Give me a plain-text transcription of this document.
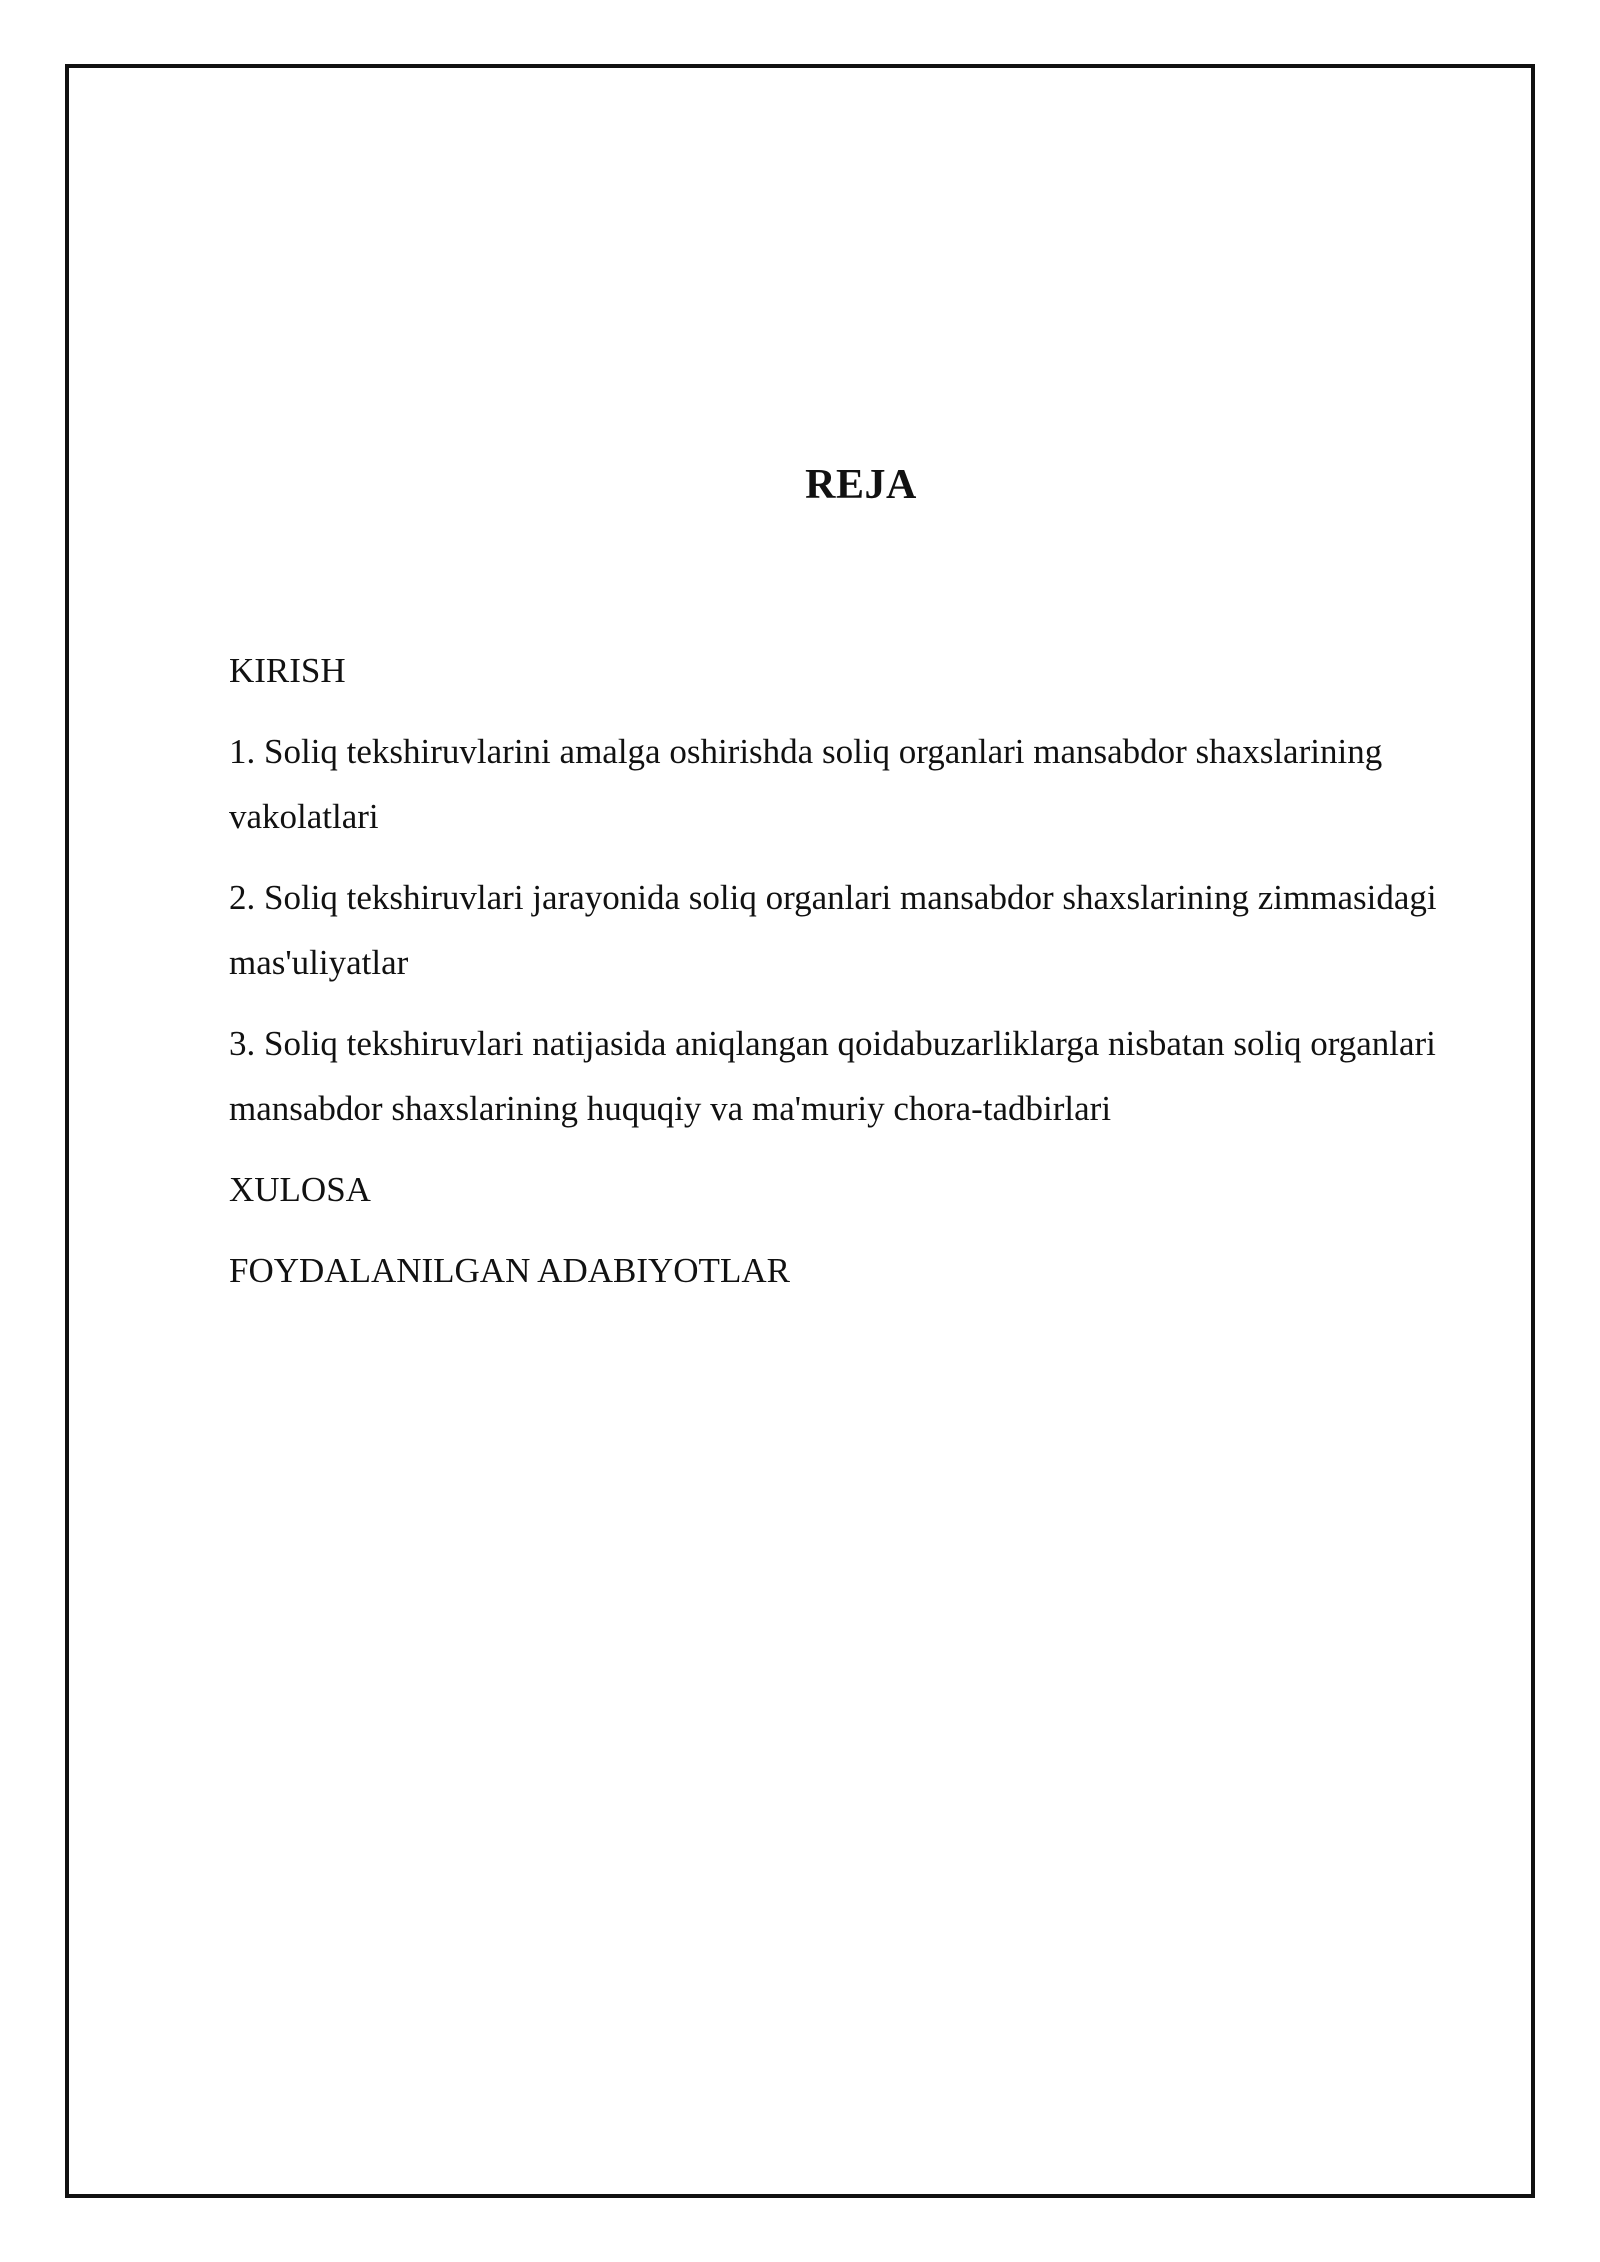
REJA
KIRISH
1. Soliq tekshiruvlarini amalga oshirishda soliq organlari mansabdor shaxslarining vakolatlari
2. Soliq tekshiruvlari jarayonida soliq organlari mansabdor shaxslarining zimmasidagi mas'uliyatlar
3. Soliq tekshiruvlari natijasida aniqlangan qoidabuzarliklarga nisbatan soliq organlari mansabdor shaxslarining huquqiy va ma'muriy chora-tadbirlari
XULOSA
FOYDALANILGAN ADABIYOTLAR
